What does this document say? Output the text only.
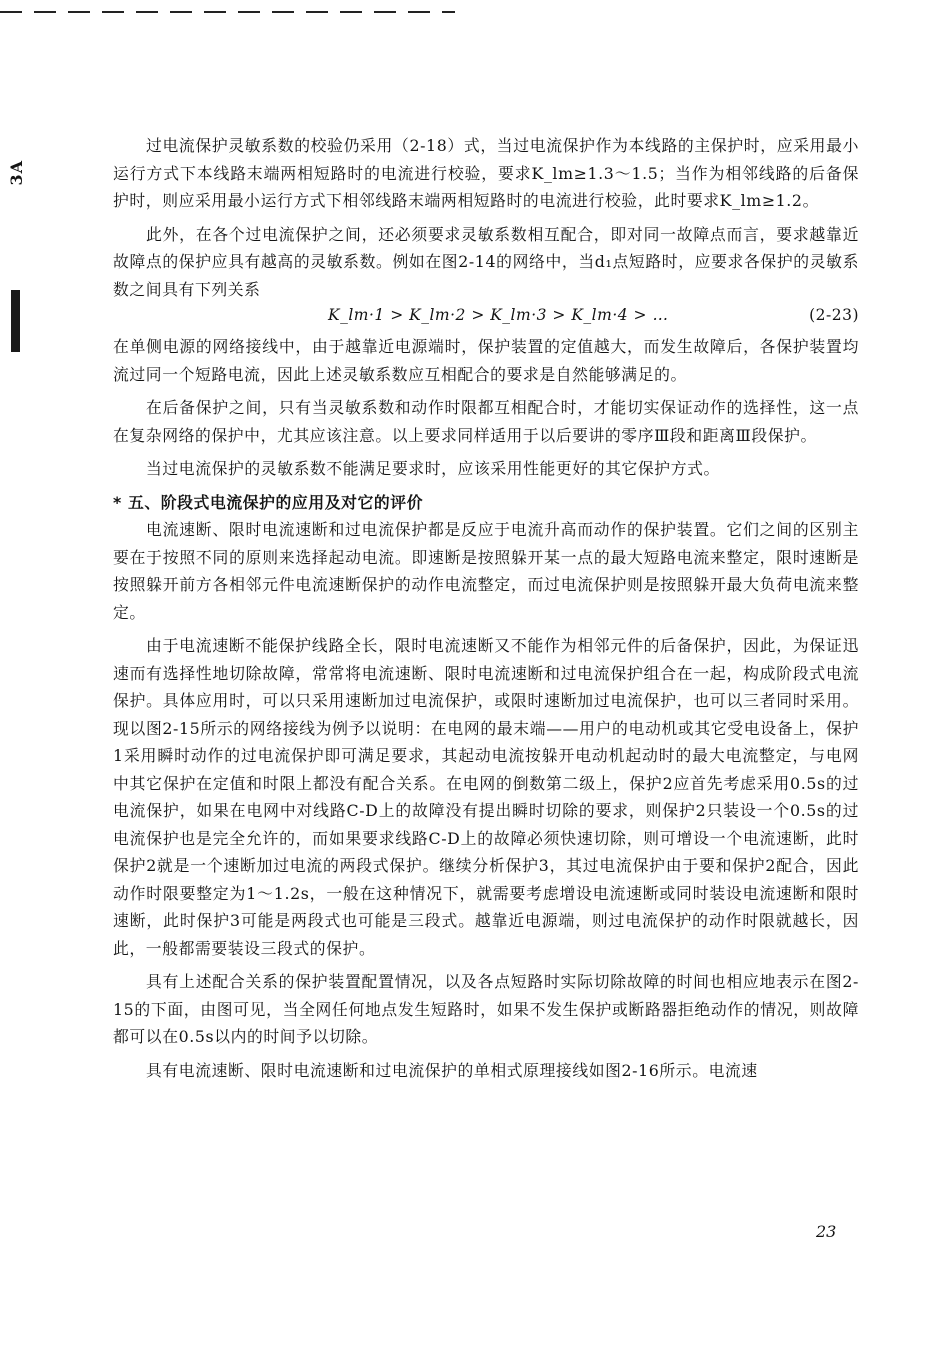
3A

过电流保护灵敏系数的校验仍采用（2-18）式，当过电流保护作为本线路的主保护时，应采用最小运行方式下本线路末端两相短路时的电流进行校验，要求K_lm≥1.3～1.5；当作为相邻线路的后备保护时，则应采用最小运行方式下相邻线路末端两相短路时的电流进行校验，此时要求K_lm≥1.2。

此外，在各个过电流保护之间，还必须要求灵敏系数相互配合，即对同一故障点而言，要求越靠近故障点的保护应具有越高的灵敏系数。例如在图2-14的网络中，当d₁点短路时，应要求各保护的灵敏系数之间具有下列关系

K_lm·1 > K_lm·2 > K_lm·3 > K_lm·4 > …	(2-23)

在单侧电源的网络接线中，由于越靠近电源端时，保护装置的定值越大，而发生故障后，各保护装置均流过同一个短路电流，因此上述灵敏系数应互相配合的要求是自然能够满足的。

在后备保护之间，只有当灵敏系数和动作时限都互相配合时，才能切实保证动作的选择性，这一点在复杂网络的保护中，尤其应该注意。以上要求同样适用于以后要讲的零序Ⅲ段和距离Ⅲ段保护。

当过电流保护的灵敏系数不能满足要求时，应该采用性能更好的其它保护方式。

* 五、阶段式电流保护的应用及对它的评价

电流速断、限时电流速断和过电流保护都是反应于电流升高而动作的保护装置。它们之间的区别主要在于按照不同的原则来选择起动电流。即速断是按照躲开某一点的最大短路电流来整定，限时速断是按照躲开前方各相邻元件电流速断保护的动作电流整定，而过电流保护则是按照躲开最大负荷电流来整定。

由于电流速断不能保护线路全长，限时电流速断又不能作为相邻元件的后备保护，因此，为保证迅速而有选择性地切除故障，常常将电流速断、限时电流速断和过电流保护组合在一起，构成阶段式电流保护。具体应用时，可以只采用速断加过电流保护，或限时速断加过电流保护，也可以三者同时采用。现以图2-15所示的网络接线为例予以说明：在电网的最末端——用户的电动机或其它受电设备上，保护1采用瞬时动作的过电流保护即可满足要求，其起动电流按躲开电动机起动时的最大电流整定，与电网中其它保护在定值和时限上都没有配合关系。在电网的倒数第二级上，保护2应首先考虑采用0.5s的过电流保护，如果在电网中对线路C-D上的故障没有提出瞬时切除的要求，则保护2只装设一个0.5s的过电流保护也是完全允许的，而如果要求线路C-D上的故障必须快速切除，则可增设一个电流速断，此时保护2就是一个速断加过电流的两段式保护。继续分析保护3，其过电流保护由于要和保护2配合，因此动作时限要整定为1～1.2s，一般在这种情况下，就需要考虑增设电流速断或同时装设电流速断和限时速断，此时保护3可能是两段式也可能是三段式。越靠近电源端，则过电流保护的动作时限就越长，因此，一般都需要装设三段式的保护。

具有上述配合关系的保护装置配置情况，以及各点短路时实际切除故障的时间也相应地表示在图2-15的下面，由图可见，当全网任何地点发生短路时，如果不发生保护或断路器拒绝动作的情况，则故障都可以在0.5s以内的时间予以切除。

具有电流速断、限时电流速断和过电流保护的单相式原理接线如图2-16所示。电流速

23
